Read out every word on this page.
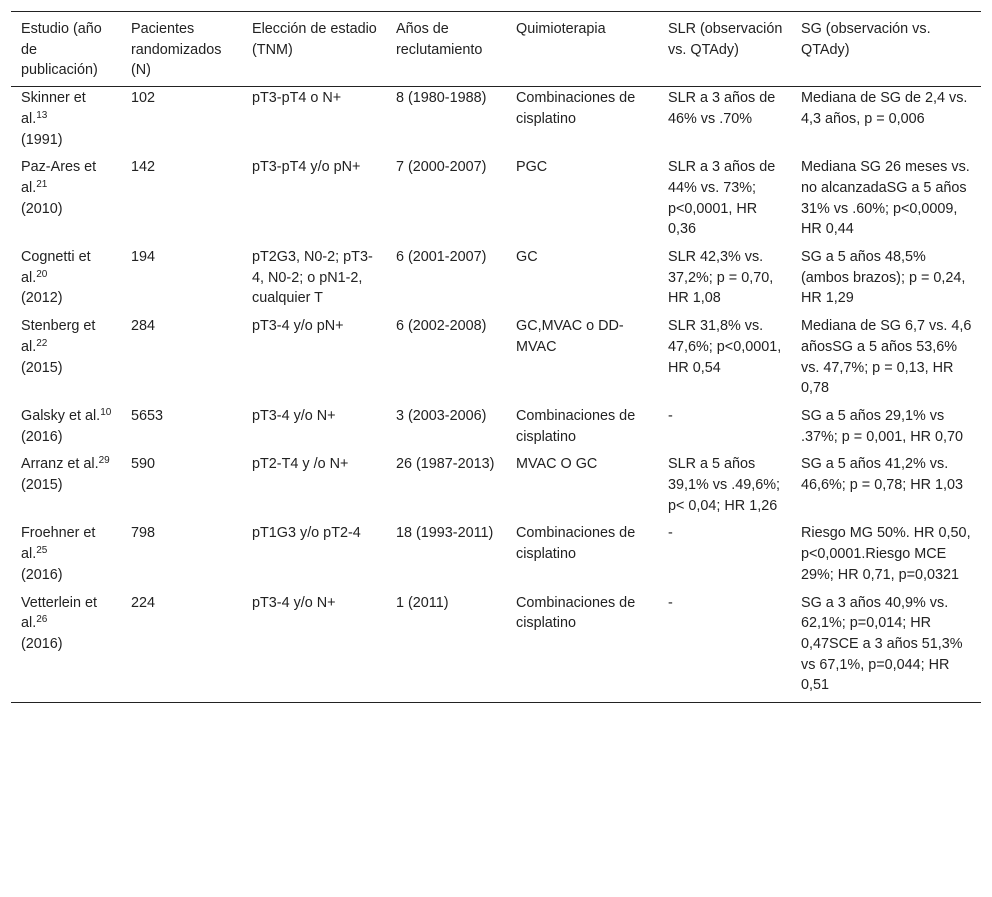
Estudio (año de publicación)	Pacientes randomizados (N)	Elección de estadio (TNM)	Años de reclutamiento	Quimioterapia	SLR (observación vs. QTAdy)	SG (observación vs. QTAdy)
Skinner et al.$^{13}$
(1991)	102	pT3-pT4 o N+	8 (1980-1988)	Combinaciones de cisplatino	SLR a 3 años de 46% vs .70%	Mediana de SG de 2,4 vs. 4,3 años, p = 0,006
Paz-Ares et al.$^{21}$
(2010)	142	pT3-pT4 y/o pN+	7 (2000-2007)	PGC	SLR a 3 años de 44% vs. 73%; p<0,0001, HR 0,36	Mediana SG 26 meses vs. no alcanzadaSG a 5 años 31% vs .60%; p<0,0009, HR 0,44
Cognetti et al.$^{20}$
(2012)	194	pT2G3, N0-2; pT3-4, N0-2; o pN1-2, cualquier T	6 (2001-2007)	GC	SLR 42,3% vs. 37,2%; p = 0,70, HR 1,08	SG a 5 años 48,5% (ambos brazos); p = 0,24, HR 1,29
Stenberg et al.$^{22}$
(2015)	284	pT3-4 y/o pN+	6 (2002-2008)	GC,MVAC o DD-MVAC	SLR 31,8% vs. 47,6%; p<0,0001, HR 0,54	Mediana de SG 6,7 vs. 4,6 añosSG a 5 años 53,6% vs. 47,7%; p = 0,13, HR 0,78
Galsky et al.$^{10}$
(2016)	5653	pT3-4 y/o N+	3 (2003-2006)	Combinaciones de cisplatino	-	SG a 5 años 29,1% vs .37%; p = 0,001, HR 0,70
Arranz et al.$^{29}$
(2015)	590	pT2-T4 y /o N+	26 (1987-2013)	MVAC O GC	SLR a 5 años 39,1% vs .49,6%; p< 0,04; HR 1,26	SG a 5 años 41,2% vs. 46,6%; p = 0,78; HR 1,03
Froehner et al.$^{25}$
(2016)	798	pT1G3 y/o pT2-4	18 (1993-2011)	Combinaciones de cisplatino	-	Riesgo MG 50%. HR 0,50, p<0,0001.Riesgo MCE 29%; HR 0,71, p=0,0321
Vetterlein et al.$^{26}$
(2016)	224	pT3-4 y/o N+	1 (2011)	Combinaciones de cisplatino	-	SG a 3 años 40,9% vs. 62,1%; p=0,014; HR 0,47SCE a 3 años 51,3% vs 67,1%, p=0,044; HR 0,51
